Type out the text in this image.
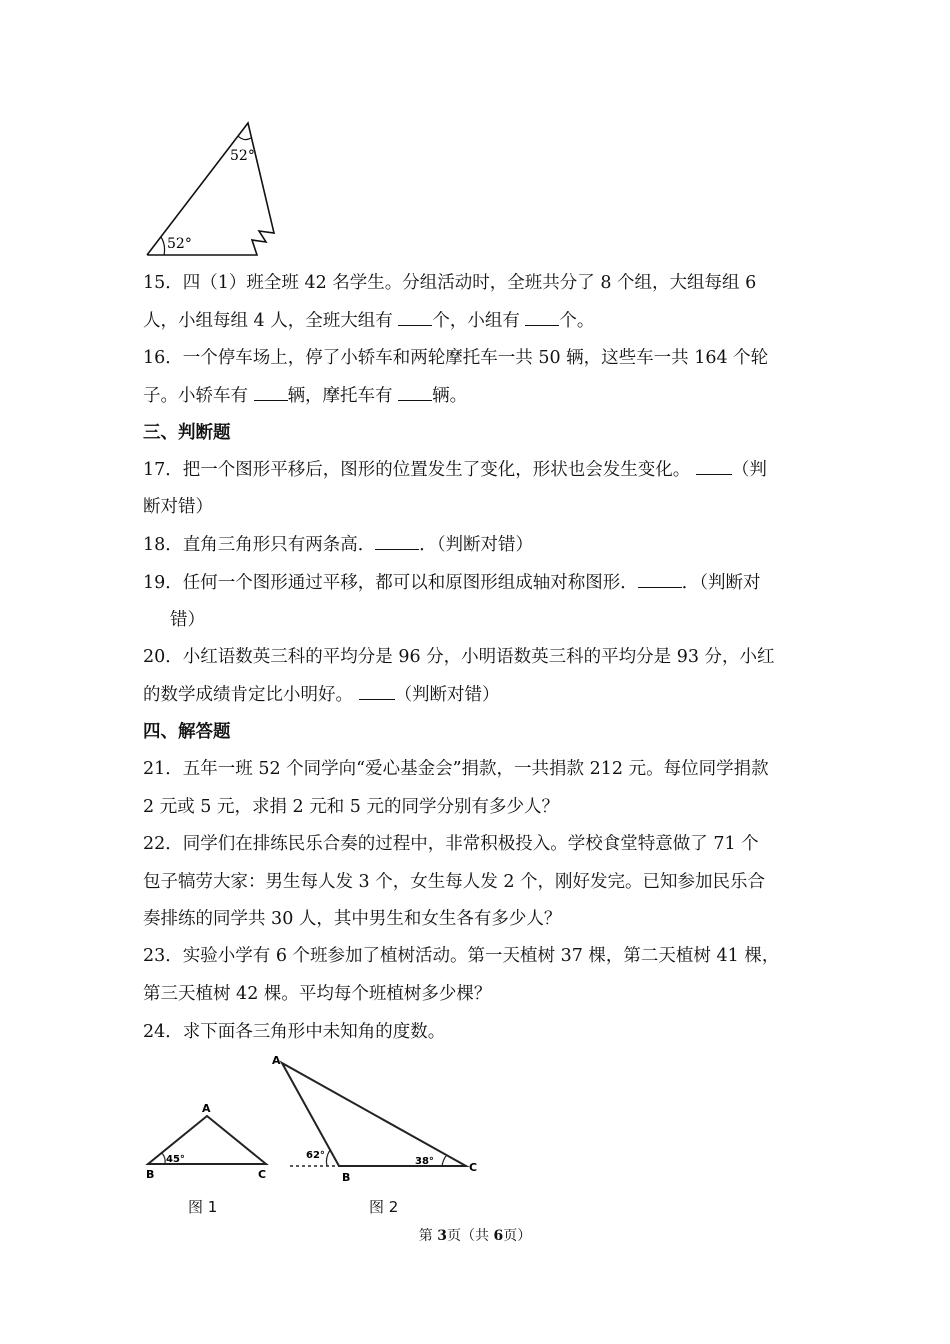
52°
52°
15．四（1）班全班 42 名学生。分组活动时，全班共分了 8 个组，大组每组 6
人，小组每组 4 人，全班大组有 个，小组有 个。
16．一个停车场上，停了小轿车和两轮摩托车一共 50 辆，这些车一共 164 个轮
子。小轿车有 辆，摩托车有 辆。
三、判断题
17．把一个图形平移后，图形的位置发生了变化，形状也会发生变化。 （判
断对错）
18．直角三角形只有两条高．	．（判断对错）
19．任何一个图形通过平移，都可以和原图形组成轴对称图形．	．（判断对
错）
20．小红语数英三科的平均分是 96 分，小明语数英三科的平均分是 93 分，小红
的数学成绩肯定比小明好。 （判断对错）
四、解答题
21．五年一班 52 个同学向“爱心基金会”捐款，一共捐款 212 元。每位同学捐款
2 元或 5 元，求捐 2 元和 5 元的同学分别有多少人？
22．同学们在排练民乐合奏的过程中，非常积极投入。学校食堂特意做了 71 个
包子犒劳大家：男生每人发 3 个，女生每人发 2 个，刚好发完。已知参加民乐合
奏排练的同学共 30 人，其中男生和女生各有多少人？
23．实验小学有 6 个班参加了植树活动。第一天植树 37 棵，第二天植树 41 棵，
第三天植树 42 棵。平均每个班植树多少棵？
24．求下面各三角形中未知角的度数。
A
B	C
45°
图 1
A
B
C
62°
38°
图 2
第 3页（共 6页）
